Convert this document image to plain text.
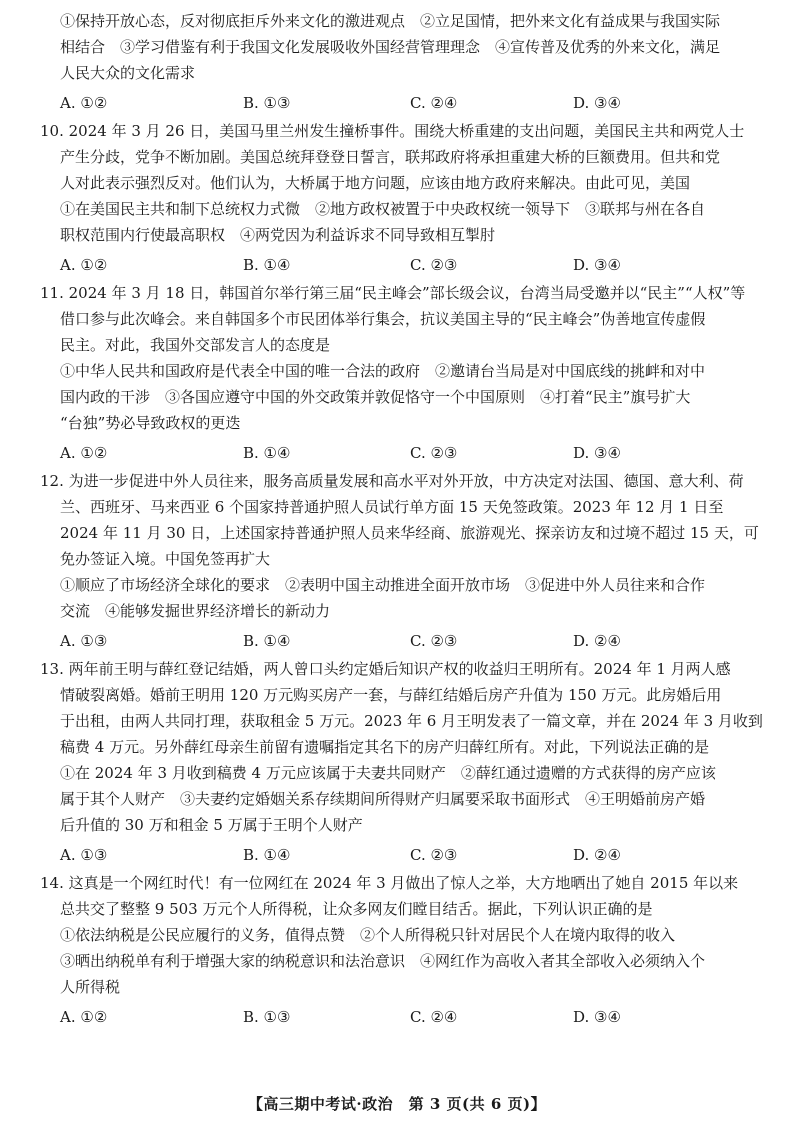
①保持开放心态，反对彻底拒斥外来文化的激进观点　②立足国情，把外来文化有益成果与我国实际
相结合　③学习借鉴有利于我国文化发展吸收外国经营管理理念　④宣传普及优秀的外来文化，满足
人民大众的文化需求
A. ①②	B. ①③	C. ②④	D. ③④
10. 2024 年 3 月 26 日，美国马里兰州发生撞桥事件。围绕大桥重建的支出问题，美国民主共和两党人士
产生分歧，党争不断加剧。美国总统拜登登日誓言，联邦政府将承担重建大桥的巨额费用。但共和党
人对此表示强烈反对。他们认为，大桥属于地方问题，应该由地方政府来解决。由此可见，美国
①在美国民主共和制下总统权力式微　②地方政权被置于中央政权统一领导下　③联邦与州在各自
职权范围内行使最高职权　④两党因为利益诉求不同导致相互掣肘
A. ①②	B. ①④	C. ②③	D. ③④
11. 2024 年 3 月 18 日，韩国首尔举行第三届“民主峰会”部长级会议，台湾当局受邀并以“民主”“人权”等
借口参与此次峰会。来自韩国多个市民团体举行集会，抗议美国主导的“民主峰会”伪善地宣传虚假
民主。对此，我国外交部发言人的态度是
①中华人民共和国政府是代表全中国的唯一合法的政府　②邀请台当局是对中国底线的挑衅和对中
国内政的干涉　③各国应遵守中国的外交政策并敦促恪守一个中国原则　④打着“民主”旗号扩大
“台独”势必导致政权的更迭
A. ①②	B. ①④	C. ②③	D. ③④
12. 为进一步促进中外人员往来，服务高质量发展和高水平对外开放，中方决定对法国、德国、意大利、荷
兰、西班牙、马来西亚 6 个国家持普通护照人员试行单方面 15 天免签政策。2023 年 12 月 1 日至
2024 年 11 月 30 日，上述国家持普通护照人员来华经商、旅游观光、探亲访友和过境不超过 15 天，可
免办签证入境。中国免签再扩大
①顺应了市场经济全球化的要求　②表明中国主动推进全面开放市场　③促进中外人员往来和合作
交流　④能够发掘世界经济增长的新动力
A. ①③	B. ①④	C. ②③	D. ②④
13. 两年前王明与薛红登记结婚，两人曾口头约定婚后知识产权的收益归王明所有。2024 年 1 月两人感
情破裂离婚。婚前王明用 120 万元购买房产一套，与薛红结婚后房产升值为 150 万元。此房婚后用
于出租，由两人共同打理，获取租金 5 万元。2023 年 6 月王明发表了一篇文章，并在 2024 年 3 月收到
稿费 4 万元。另外薛红母亲生前留有遗嘱指定其名下的房产归薛红所有。对此，下列说法正确的是
①在 2024 年 3 月收到稿费 4 万元应该属于夫妻共同财产　②薛红通过遗赠的方式获得的房产应该
属于其个人财产　③夫妻约定婚姻关系存续期间所得财产归属要采取书面形式　④王明婚前房产婚
后升值的 30 万和租金 5 万属于王明个人财产
A. ①③	B. ①④	C. ②③	D. ②④
14. 这真是一个网红时代！有一位网红在 2024 年 3 月做出了惊人之举，大方地晒出了她自 2015 年以来
总共交了整整 9 503 万元个人所得税，让众多网友们瞠目结舌。据此，下列认识正确的是
①依法纳税是公民应履行的义务，值得点赞　②个人所得税只针对居民个人在境内取得的收入
③晒出纳税单有利于增强大家的纳税意识和法治意识　④网红作为高收入者其全部收入必须纳入个
人所得税
A. ①②	B. ①③	C. ②④	D. ③④
【高三期中考试·政治　第 3 页(共 6 页)】
